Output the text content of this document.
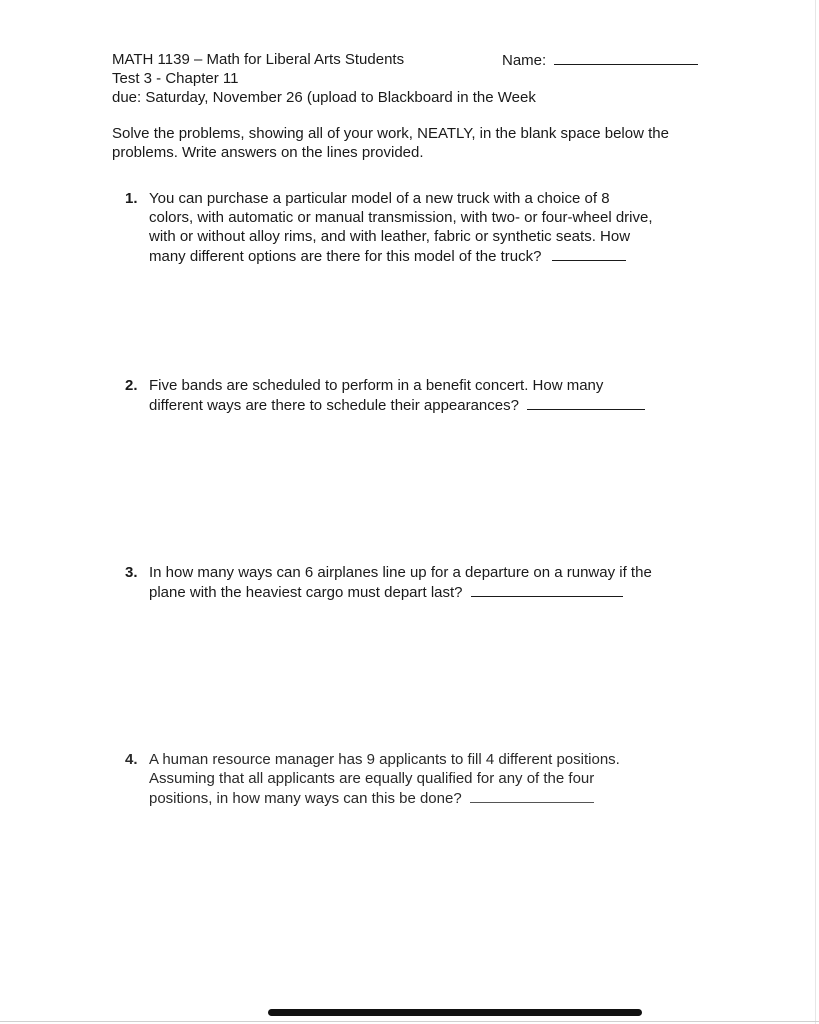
MATH 1139 – Math for Liberal Arts Students
Test 3 - Chapter 11
due: Saturday, November 26 (upload to Blackboard in the Week
Name:
Solve the problems, showing all of your work, NEATLY, in the blank space below the
problems. Write answers on the lines provided.
1. You can purchase a particular model of a new truck with a choice of 8
colors, with automatic or manual transmission, with two- or four-wheel drive,
with or without alloy rims, and with leather, fabric or synthetic seats. How
many different options are there for this model of the truck?
2. Five bands are scheduled to perform in a benefit concert. How many
different ways are there to schedule their appearances?
3. In how many ways can 6 airplanes line up for a departure on a runway if the
plane with the heaviest cargo must depart last?
4. A human resource manager has 9 applicants to fill 4 different positions.
Assuming that all applicants are equally qualified for any of the four
positions, in how many ways can this be done?
